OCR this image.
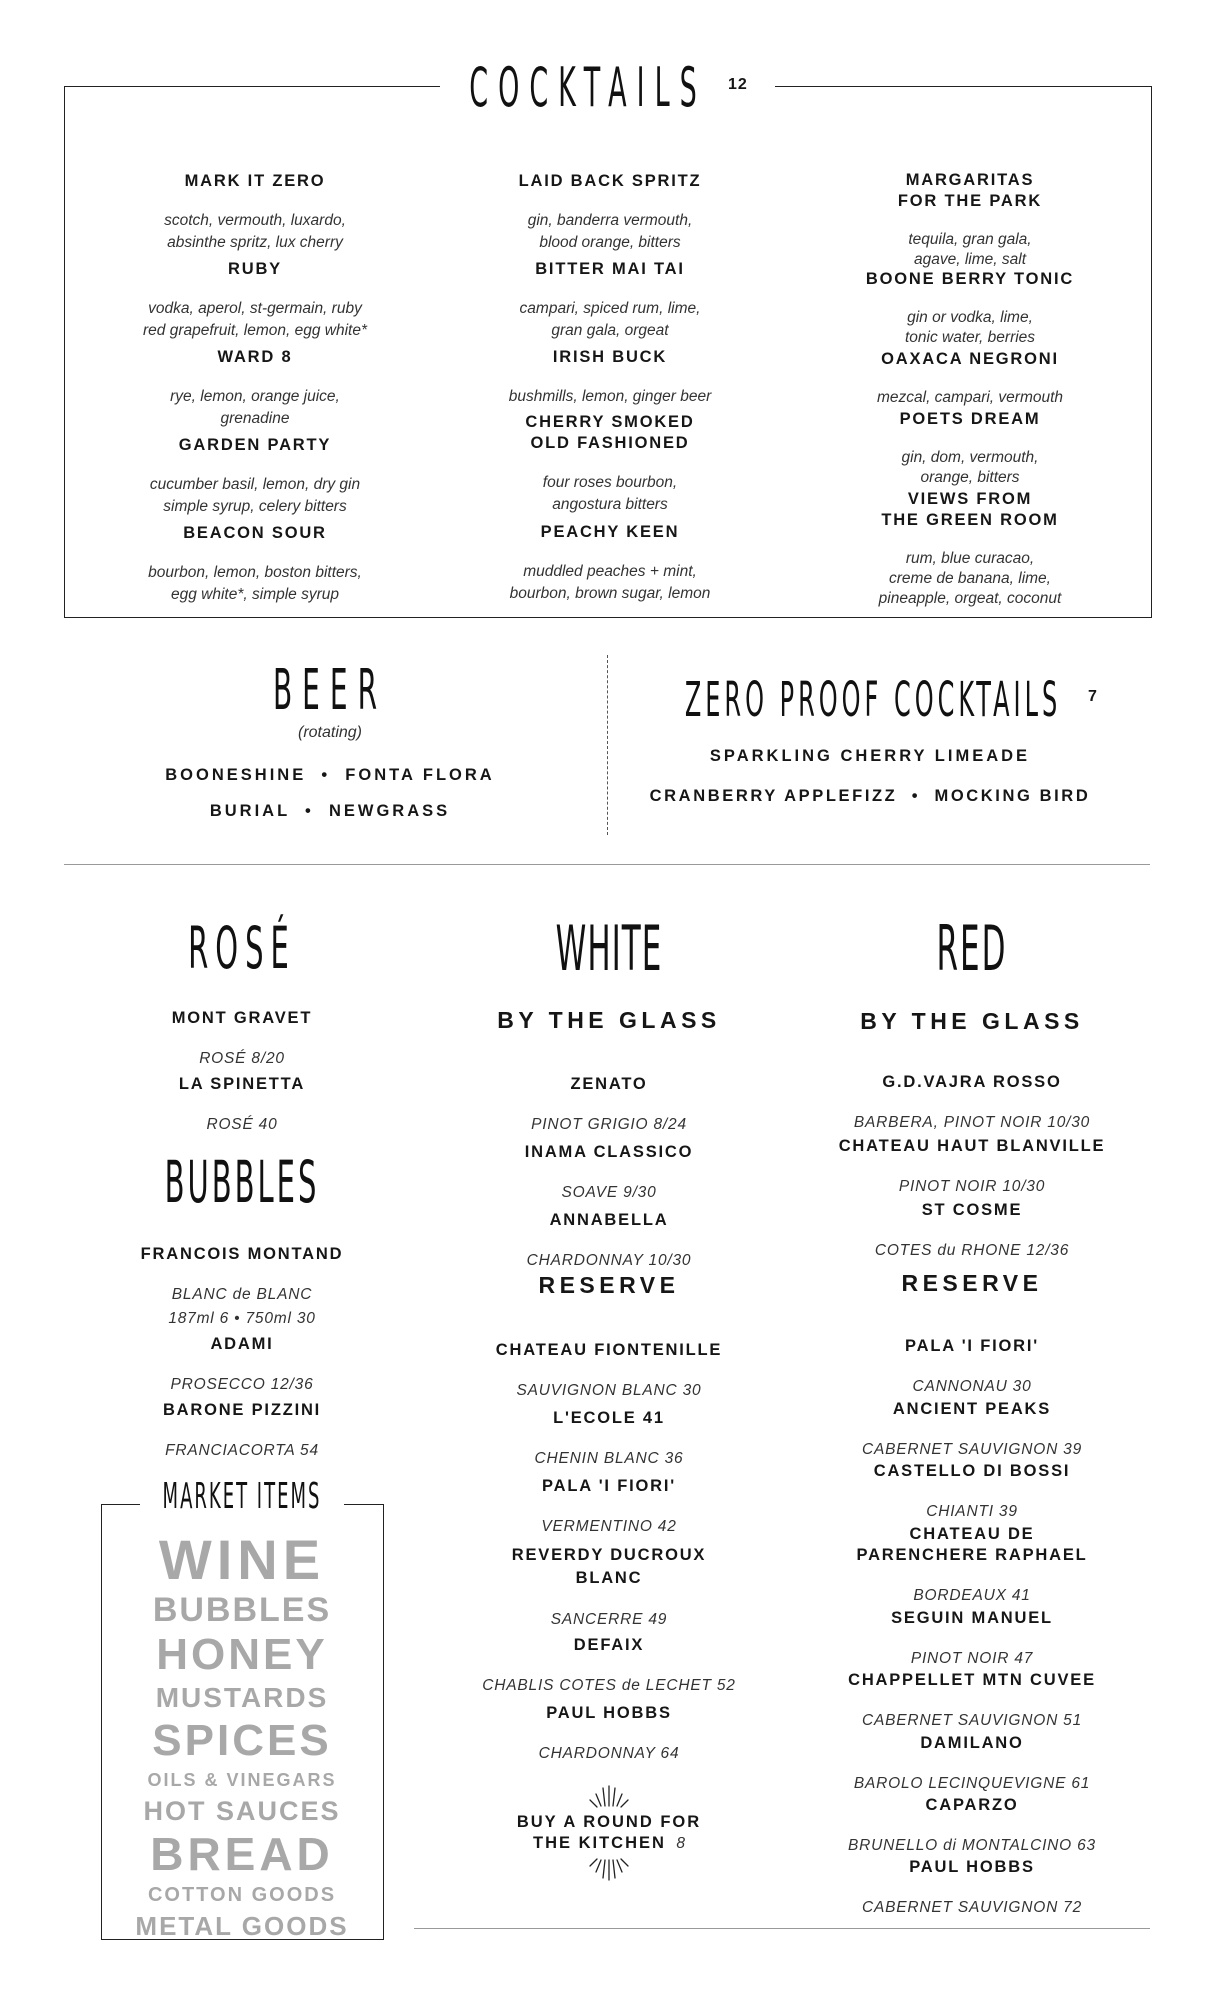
COCKTAILS	12

MARK IT ZERO

scotch, vermouth, luxardo,
absinthe spritz, lux cherry

RUBY

vodka, aperol, st-germain, ruby
red grapefruit, lemon, egg white*

WARD 8

rye, lemon, orange juice,
grenadine

GARDEN PARTY

cucumber basil, lemon, dry gin
simple syrup, celery bitters

BEACON SOUR

bourbon, lemon, boston bitters,
egg white*, simple syrup

LAID BACK SPRITZ

gin, banderra vermouth,
blood orange, bitters

BITTER MAI TAI

campari, spiced rum, lime,
gran gala, orgeat

IRISH BUCK

bushmills, lemon, ginger beer

CHERRY SMOKED
OLD FASHIONED

four roses bourbon,
angostura bitters

PEACHY KEEN

muddled peaches + mint,
bourbon, brown sugar, lemon

MARGARITAS
FOR THE PARK

tequila, gran gala,
agave, lime, salt

BOONE BERRY TONIC

gin or vodka, lime,
tonic water, berries

OAXACA NEGRONI

mezcal, campari, vermouth

POETS DREAM

gin, dom, vermouth,
orange, bitters

VIEWS FROM
THE GREEN ROOM

rum, blue curacao,
creme de banana, lime,
pineapple, orgeat, coconut

BEER
(rotating)
BOONESHINE  •  FONTA FLORA
BURIAL  •  NEWGRASS
ZERO PROOF COCKTAILS	7
SPARKLING CHERRY LIMEADE
CRANBERRY APPLEFIZZ  •  MOCKING BIRD
ROSÉ

MONT GRAVET

ROSÉ 8/20

LA SPINETTA

ROSÉ 40

BUBBLES

FRANCOIS MONTAND

BLANC de BLANC
187ml 6 • 750ml 30

ADAMI

PROSECCO 12/36

BARONE PIZZINI

FRANCIACORTA 54

MARKET ITEMS
WINE
BUBBLES
HONEY
MUSTARDS
SPICES
OILS & VINEGARS
HOT SAUCES
BREAD
COTTON GOODS
METAL GOODS
WHITE
BY THE GLASS

ZENATO

PINOT GRIGIO 8/24

INAMA CLASSICO

SOAVE 9/30

ANNABELLA

CHARDONNAY 10/30

RESERVE

CHATEAU FIONTENILLE

SAUVIGNON BLANC 30

L'ECOLE 41

CHENIN BLANC 36

PALA 'I FIORI'

VERMENTINO 42

REVERDY DUCROUX
BLANC

SANCERRE 49

DEFAIX

CHABLIS COTES de LECHET 52

PAUL HOBBS

CHARDONNAY 64

BUY A ROUND FOR
THE KITCHEN 8
RED
BY THE GLASS

G.D.VAJRA ROSSO

BARBERA, PINOT NOIR 10/30

CHATEAU HAUT BLANVILLE

PINOT NOIR 10/30

ST COSME

COTES du RHONE 12/36

RESERVE

PALA 'I FIORI'

CANNONAU 30

ANCIENT PEAKS

CABERNET SAUVIGNON 39

CASTELLO DI BOSSI

CHIANTI 39

CHATEAU DE
PARENCHERE RAPHAEL

BORDEAUX 41

SEGUIN MANUEL

PINOT NOIR 47

CHAPPELLET MTN CUVEE

CABERNET SAUVIGNON 51

DAMILANO

BAROLO LECINQUEVIGNE 61

CAPARZO

BRUNELLO di MONTALCINO 63

PAUL HOBBS

CABERNET SAUVIGNON 72
